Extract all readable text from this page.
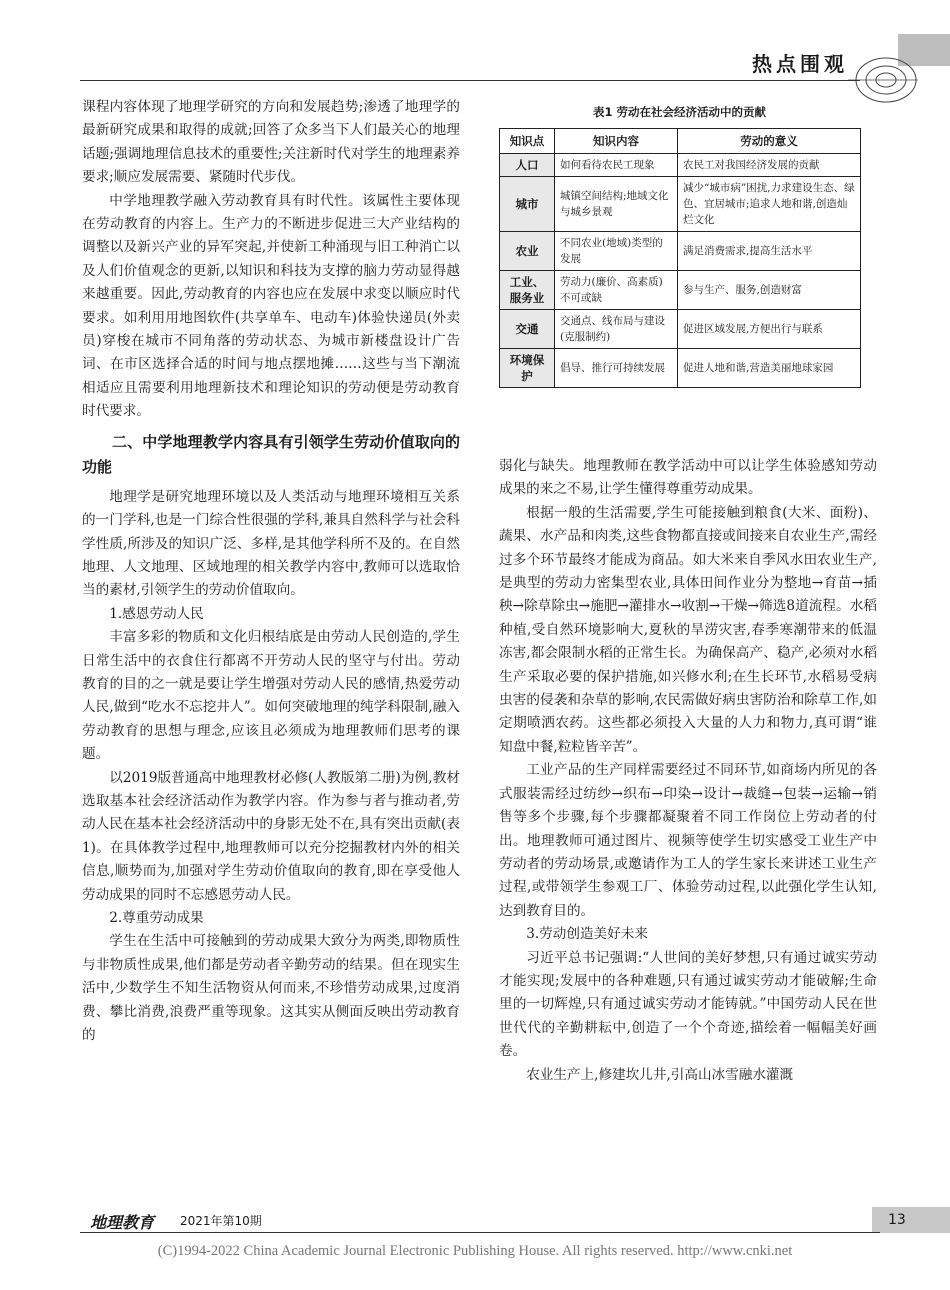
热点围观

课程内容体现了地理学研究的方向和发展趋势;渗透了地理学的最新研究成果和取得的成就;回答了众多当下人们最关心的地理话题;强调地理信息技术的重要性;关注新时代对学生的地理素养要求;顺应发展需要、紧随时代步伐。

中学地理教学融入劳动教育具有时代性。该属性主要体现在劳动教育的内容上。生产力的不断进步促进三大产业结构的调整以及新兴产业的异军突起,并使新工种涌现与旧工种消亡以及人们价值观念的更新,以知识和科技为支撑的脑力劳动显得越来越重要。因此,劳动教育的内容也应在发展中求变以顺应时代要求。如利用用地图软件(共享单车、电动车)体验快递员(外卖员)穿梭在城市不同角落的劳动状态、为城市新楼盘设计广告词、在市区选择合适的时间与地点摆地摊……这些与当下潮流相适应且需要利用地理新技术和理论知识的劳动便是劳动教育时代要求。

二、中学地理教学内容具有引领学生劳动价值取向的功能

地理学是研究地理环境以及人类活动与地理环境相互关系的一门学科,也是一门综合性很强的学科,兼具自然科学与社会科学性质,所涉及的知识广泛、多样,是其他学科所不及的。在自然地理、人文地理、区域地理的相关教学内容中,教师可以选取恰当的素材,引领学生的劳动价值取向。

1.感恩劳动人民

丰富多彩的物质和文化归根结底是由劳动人民创造的,学生日常生活中的衣食住行都离不开劳动人民的坚守与付出。劳动教育的目的之一就是要让学生增强对劳动人民的感情,热爱劳动人民,做到“吃水不忘挖井人”。如何突破地理的纯学科限制,融入劳动教育的思想与理念,应该且必须成为地理教师们思考的课题。

以2019版普通高中地理教材必修(人教版第二册)为例,教材选取基本社会经济活动作为教学内容。作为参与者与推动者,劳动人民在基本社会经济活动中的身影无处不在,具有突出贡献(表1)。在具体教学过程中,地理教师可以充分挖掘教材内外的相关信息,顺势而为,加强对学生劳动价值取向的教育,即在享受他人劳动成果的同时不忘感恩劳动人民。

2.尊重劳动成果

学生在生活中可接触到的劳动成果大致分为两类,即物质性与非物质性成果,他们都是劳动者辛勤劳动的结果。但在现实生活中,少数学生不知生活物资从何而来,不珍惜劳动成果,过度消费、攀比消费,浪费严重等现象。这其实从侧面反映出劳动教育的

表1 劳动在社会经济活动中的贡献
知识点	知识内容	劳动的意义
人口	如何看待农民工现象	农民工对我国经济发展的贡献
城市	城镇空间结构;地域文化与城乡景观	减少“城市病”困扰,力求建设生态、绿色、宜居城市;追求人地和谐,创造灿烂文化
农业	不同农业(地域)类型的发展	满足消费需求,提高生活水平
工业、服务业	劳动力(廉价、高素质)不可或缺	参与生产、服务,创造财富
交通	交通点、线布局与建设(克服制约)	促进区域发展,方便出行与联系
环境保护	倡导、推行可持续发展	促进人地和谐,营造美丽地球家园

弱化与缺失。地理教师在教学活动中可以让学生体验感知劳动成果的来之不易,让学生懂得尊重劳动成果。

根据一般的生活需要,学生可能接触到粮食(大米、面粉)、蔬果、水产品和肉类,这些食物都直接或间接来自农业生产,需经过多个环节最终才能成为商品。如大米来自季风水田农业生产,是典型的劳动力密集型农业,具体田间作业分为整地→育苗→插秧→除草除虫→施肥→灌排水→收割→干燥→筛选8道流程。水稻种植,受自然环境影响大,夏秋的旱涝灾害,春季寒潮带来的低温冻害,都会限制水稻的正常生长。为确保高产、稳产,必须对水稻生产采取必要的保护措施,如兴修水利;在生长环节,水稻易受病虫害的侵袭和杂草的影响,农民需做好病虫害防治和除草工作,如定期喷洒农药。这些都必须投入大量的人力和物力,真可谓“谁知盘中餐,粒粒皆辛苦”。

工业产品的生产同样需要经过不同环节,如商场内所见的各式服装需经过纺纱→织布→印染→设计→裁缝→包装→运输→销售等多个步骤,每个步骤都凝聚着不同工作岗位上劳动者的付出。地理教师可通过图片、视频等使学生切实感受工业生产中劳动者的劳动场景,或邀请作为工人的学生家长来讲述工业生产过程,或带领学生参观工厂、体验劳动过程,以此强化学生认知,达到教育目的。

3.劳动创造美好未来

习近平总书记强调:“人世间的美好梦想,只有通过诚实劳动才能实现;发展中的各种难题,只有通过诚实劳动才能破解;生命里的一切辉煌,只有通过诚实劳动才能铸就。”中国劳动人民在世世代代的辛勤耕耘中,创造了一个个奇迹,描绘着一幅幅美好画卷。

农业生产上,修建坎儿井,引高山冰雪融水灌溉

地理教育 2021年第10期	13
(C)1994-2022 China Academic Journal Electronic Publishing House. All rights reserved. http://www.cnki.net
